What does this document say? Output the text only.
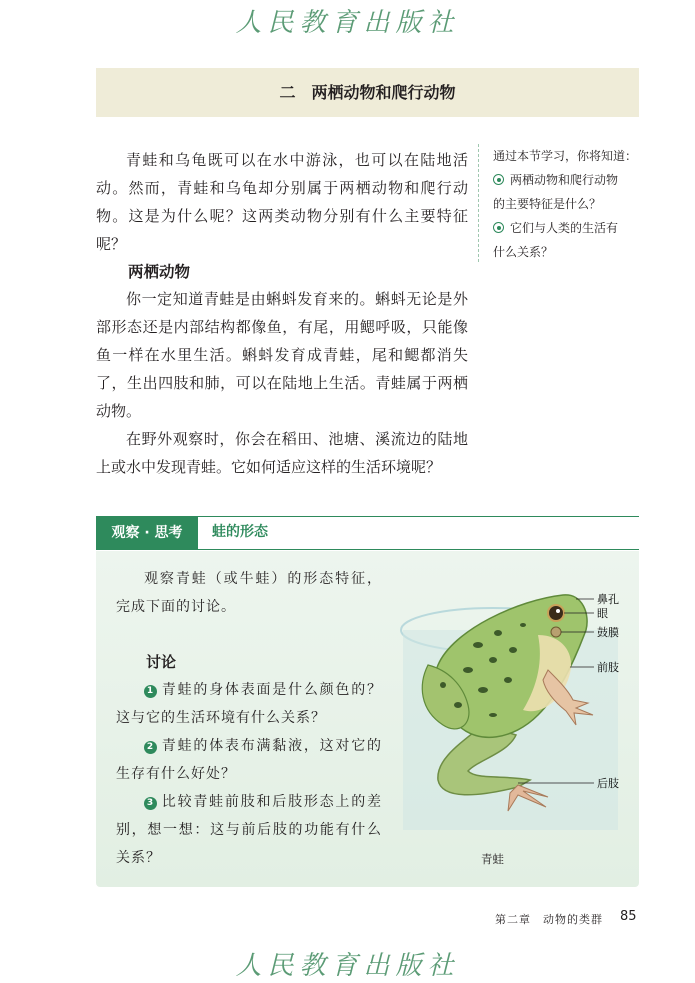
人民教育出版社
二　两栖动物和爬行动物

青蛙和乌龟既可以在水中游泳，也可以在陆地活动。然而，青蛙和乌龟却分别属于两栖动物和爬行动物。这是为什么呢？这两类动物分别有什么主要特征呢？

通过本节学习，你将知道：
两栖动物和爬行动物
的主要特征是什么？
它们与人类的生活有
什么关系？
两栖动物

你一定知道青蛙是由蝌蚪发育来的。蝌蚪无论是外部形态还是内部结构都像鱼，有尾，用鳃呼吸，只能像鱼一样在水里生活。蝌蚪发育成青蛙，尾和鳃都消失了，生出四肢和肺，可以在陆地上生活。青蛙属于两栖动物。

在野外观察时，你会在稻田、池塘、溪流边的陆地上或水中发现青蛙。它如何适应这样的生活环境呢？

观察 · 思考	蛙的形态

观察青蛙（或牛蛙）的形态特征，完成下面的讨论。

讨论

1 青蛙的身体表面是什么颜色的？这与它的生活环境有什么关系？

2 青蛙的体表布满黏液，这对它的生存有什么好处？

3 比较青蛙前肢和后肢形态上的差别，想一想：这与前后肢的功能有什么关系？

鼻孔
眼
鼓膜
前肢
后肢
青蛙
第二章　动物的类群 85
人民教育出版社
